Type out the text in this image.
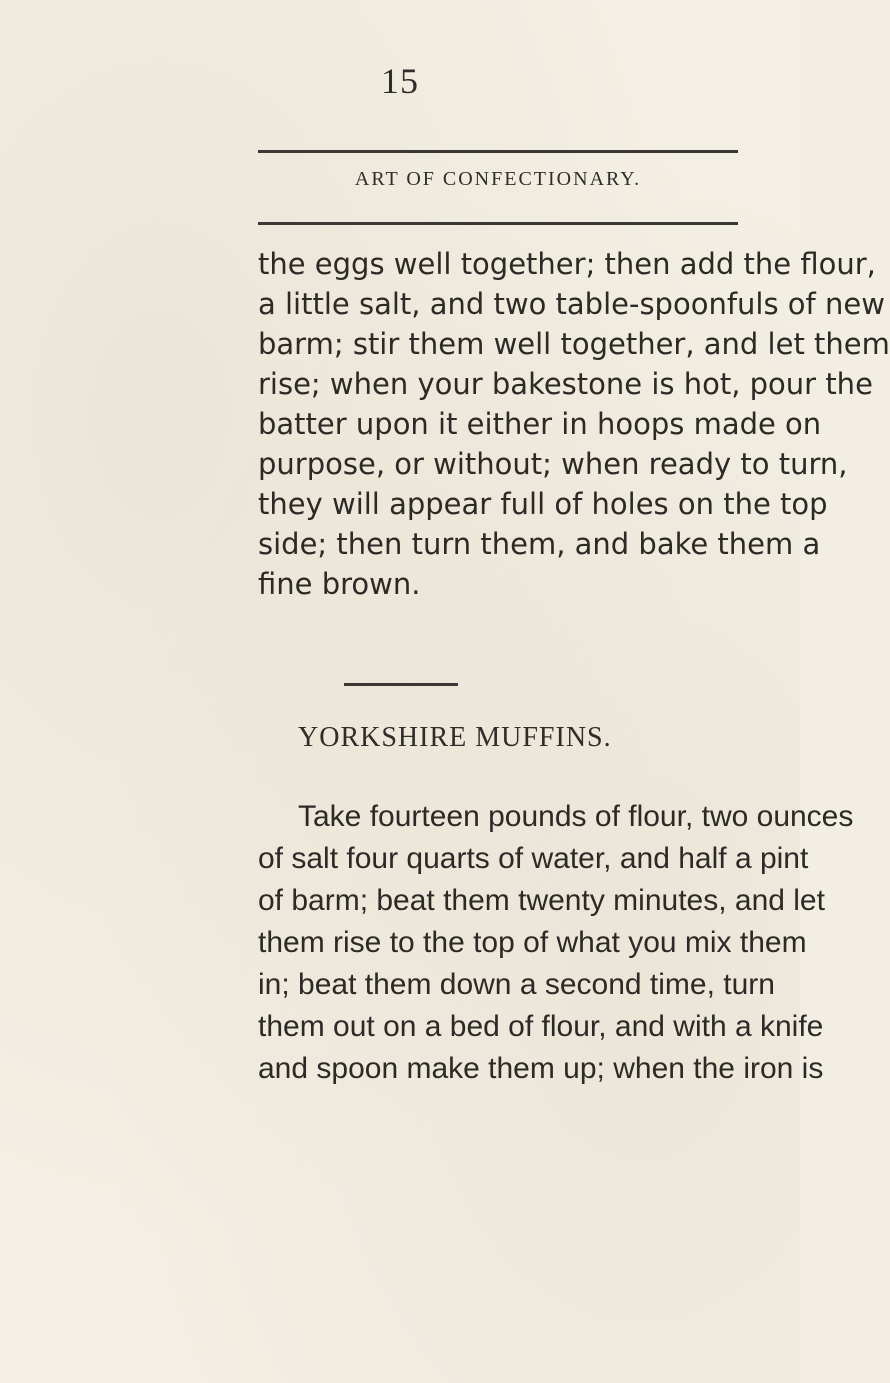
15
ART OF CONFECTIONARY.
the eggs well together; then add the flour,
a little salt, and two table-spoonfuls of new
barm; stir them well together, and let them
rise; when your bakestone is hot, pour the
batter upon it either in hoops made on
purpose, or without; when ready to turn,
they will appear full of holes on the top
side; then turn them, and bake them a
fine brown.
YORKSHIRE MUFFINS.
Take fourteen pounds of flour, two ounces
of salt four quarts of water, and half a pint
of barm; beat them twenty minutes, and let
them rise to the top of what you mix them
in; beat them down a second time, turn
them out on a bed of flour, and with a knife
and spoon make them up; when the iron is
